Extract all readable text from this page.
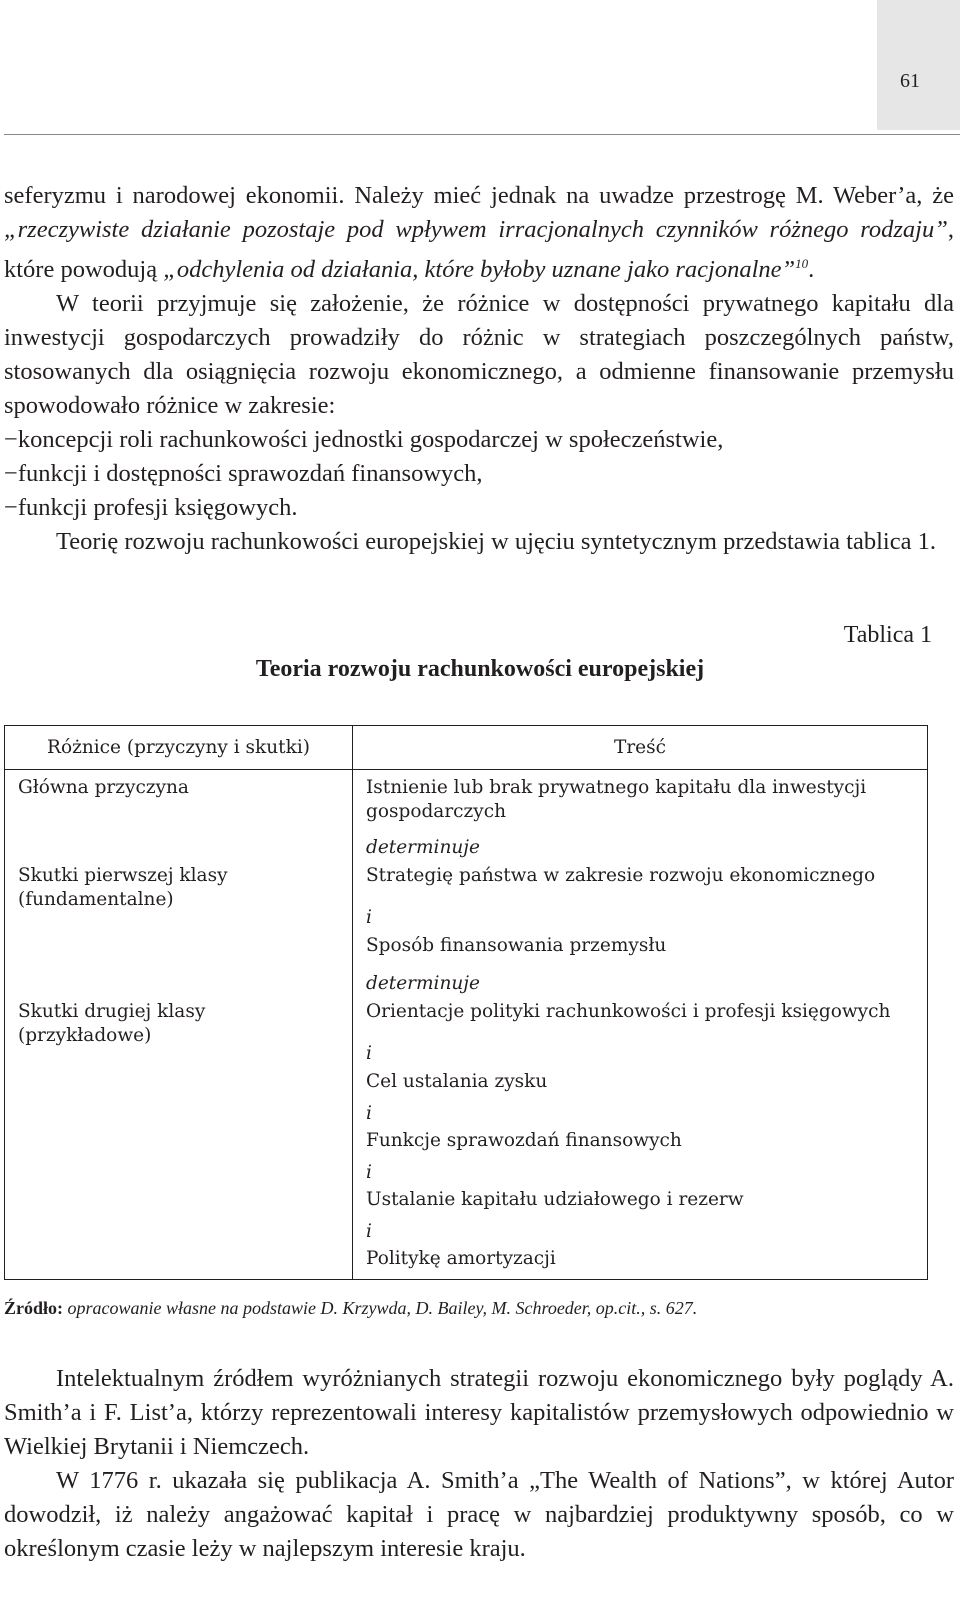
61

seferyzmu i narodowej ekonomii. Należy mieć jednak na uwadze przestrogę M. Weber’a, że „rzeczywiste działanie pozostaje pod wpływem irracjonalnych czynników różnego rodzaju”, które powodują „odchylenia od działania, które byłoby uznane jako racjonalne”$^{10}$.

W teorii przyjmuje się założenie, że różnice w dostępności prywatnego kapitału dla inwestycji gospodarczych prowadziły do różnic w strategiach poszczególnych państw, stosowanych dla osiągnięcia rozwoju ekonomicznego, a odmienne finansowanie przemysłu spowodowało różnice w zakresie:

−koncepcji roli rachunkowości jednostki gospodarczej w społeczeństwie,

−funkcji i dostępności sprawozdań finansowych,

−funkcji profesji księgowych.

Teorię rozwoju rachunkowości europejskiej w ujęciu syntetycznym przedstawia tablica 1.

Tablica 1
Teoria rozwoju rachunkowości europejskiej
Różnice (przyczyny i skutki)	Treść
Główna przyczyna
Skutki pierwszej klasy (fundamentalne)
Skutki drugiej klasy (przykładowe)
Istnienie lub brak prywatnego kapitału dla inwestycji gospodarczych
determinuje
Strategię państwa w zakresie rozwoju ekonomicznego
i
Sposób finansowania przemysłu
determinuje
Orientacje polityki rachunkowości i profesji księgowych
i
Cel ustalania zysku
i
Funkcje sprawozdań finansowych
i
Ustalanie kapitału udziałowego i rezerw
i
Politykę amortyzacji
Źródło: opracowanie własne na podstawie D. Krzywda, D. Bailey, M. Schroeder, op.cit., s. 627.

Intelektualnym źródłem wyróżnianych strategii rozwoju ekonomicznego były poglądy A. Smith’a i F. List’a, którzy reprezentowali interesy kapitalistów przemysłowych odpowiednio w Wielkiej Brytanii i Niemczech.

W 1776 r. ukazała się publikacja A. Smith’a „The Wealth of Nations”, w której Autor dowodził, iż należy angażować kapitał i pracę w najbardziej produktywny sposób, co w określonym czasie leży w najlepszym interesie kraju.
